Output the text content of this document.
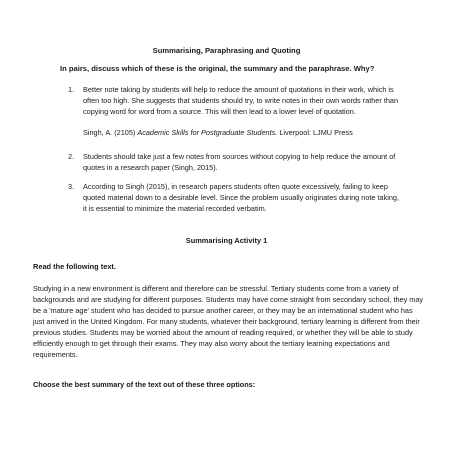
Summarising, Paraphrasing and Quoting

In pairs, discuss which of these is the original, the summary and the paraphrase. Why?

1. Better note taking by students will help to reduce the amount of quotations in their work, which is often too high. She suggests that students should try, to write notes in their own words rather than copying word for word from a source. This will then lead to a lower level of quotation.

Singh, A. (2105) Academic Skills for Postgraduate Students. Liverpool: LJMU Press

2. Students should take just a few notes from sources without copying to help reduce the amount of quotes in a research paper (Singh, 2015).
3. According to Singh (2015), in research papers students often quote excessively, failing to keep quoted material down to a desirable level. Since the problem usually originates during note taking, it is essential to minimize the material recorded verbatim.

Summarising Activity 1

Read the following text.

Studying in a new environment is different and therefore can be stressful. Tertiary students come from a variety of backgrounds and are studying for different purposes. Students may have come straight from secondary school, they may be a 'mature age' student who has decided to pursue another career, or they may be an international student who has just arrived in the United Kingdom. For many students, whatever their background, tertiary learning is different from their previous studies. Students may be worried about the amount of reading required, or whether they will be able to study efficiently enough to get through their exams. They may also worry about the tertiary learning expectations and requirements.

Choose the best summary of the text out of these three options:
